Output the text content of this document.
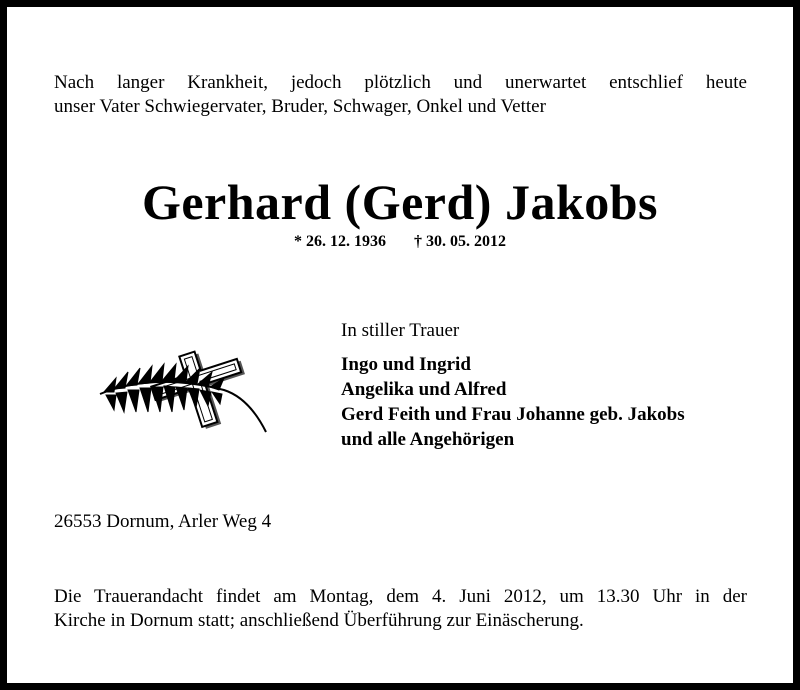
Nach langer Krankheit, jedoch plötzlich und unerwartet entschlief heute
unser Vater Schwiegervater, Bruder, Schwager, Onkel und Vetter
Gerhard (Gerd) Jakobs
* 26. 12. 1936 † 30. 05. 2012
In stiller Trauer
Ingo und Ingrid
Angelika und Alfred
Gerd Feith und Frau Johanne geb. Jakobs
und alle Angehörigen
26553 Dornum, Arler Weg 4
Die Trauerandacht findet am Montag, dem 4. Juni 2012, um 13.30 Uhr in der
Kirche in Dornum statt; anschließend Überführung zur Einäscherung.
